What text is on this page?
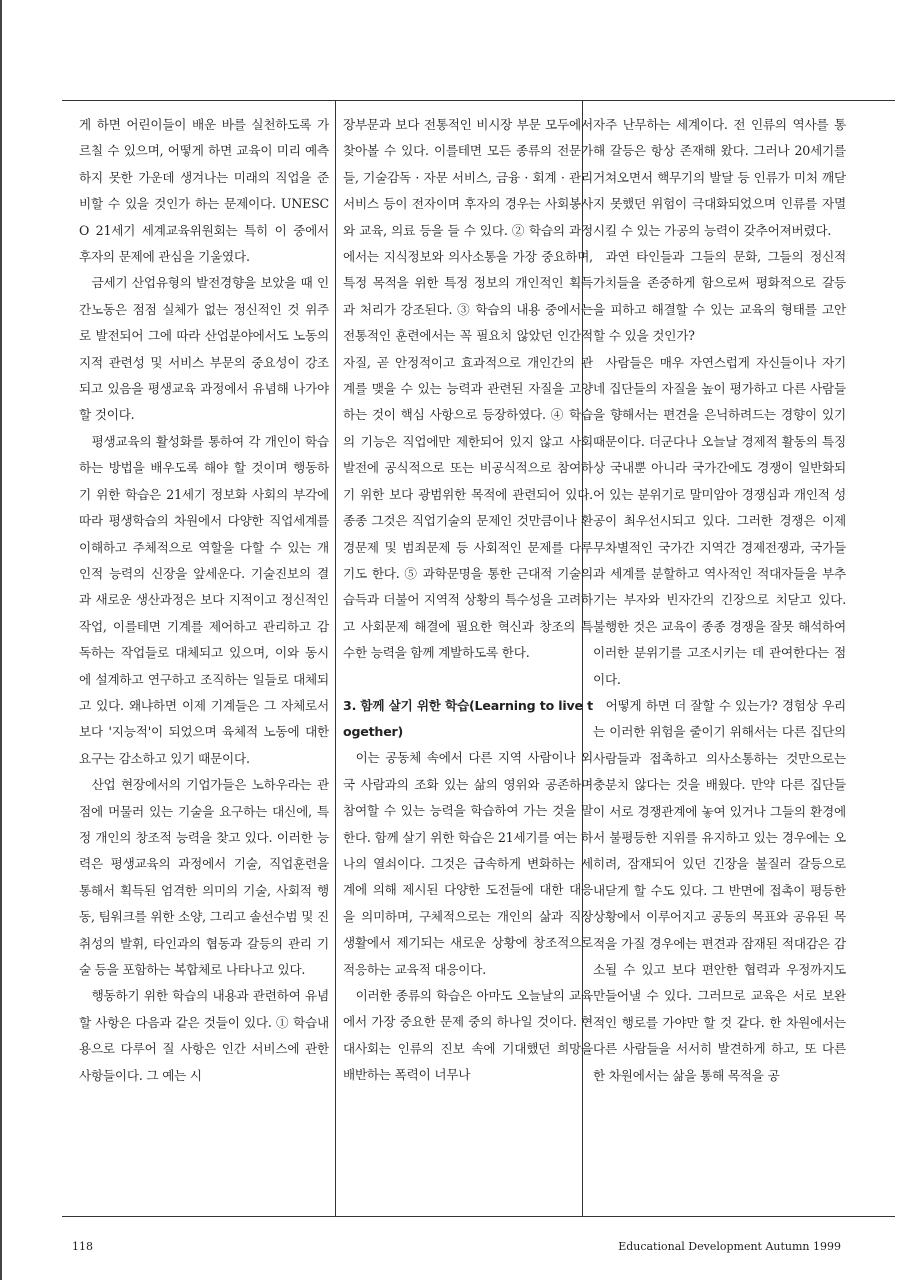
게 하면 어린이들이 배운 바를 실천하도록 가르칠 수 있으며, 어떻게 하면 교육이 미리 예측하지 못한 가운데 생겨나는 미래의 직업을 준비할 수 있을 것인가 하는 문제이다. UNESCO 21세기 세계교육위원회는 특히 이 중에서 후자의 문제에 관심을 기울였다.

금세기 산업유형의 발전경향을 보았을 때 인간노동은 점점 실체가 없는 정신적인 것 위주로 발전되어 그에 따라 산업분야에서도 노동의 지적 관련성 및 서비스 부문의 중요성이 강조되고 있음을 평생교육 과정에서 유념해 나가야 할 것이다.

평생교육의 활성화를 통하여 각 개인이 학습하는 방법을 배우도록 해야 할 것이며 행동하기 위한 학습은 21세기 정보화 사회의 부각에 따라 평생학습의 차원에서 다양한 직업세계를 이해하고 주체적으로 역할을 다할 수 있는 개인적 능력의 신장을 앞세운다. 기술진보의 결과 새로운 생산과정은 보다 지적이고 정신적인 작업, 이를테면 기계를 제어하고 관리하고 감독하는 작업들로 대체되고 있으며, 이와 동시에 설계하고 연구하고 조직하는 일들로 대체되고 있다. 왜냐하면 이제 기계들은 그 자체로서 보다 '지능적'이 되었으며 육체적 노동에 대한 요구는 감소하고 있기 때문이다.

산업 현장에서의 기업가들은 노하우라는 관점에 머물러 있는 기술을 요구하는 대신에, 특정 개인의 창조적 능력을 찾고 있다. 이러한 능력은 평생교육의 과정에서 기술, 직업훈련을 통해서 획득된 엄격한 의미의 기술, 사회적 행동, 팀워크를 위한 소양, 그리고 솔선수범 및 진취성의 발휘, 타인과의 협동과 갈등의 관리 기술 등을 포함하는 복합체로 나타나고 있다.

행동하기 위한 학습의 내용과 관련하여 유념할 사항은 다음과 같은 것들이 있다. ① 학습내용으로 다루어 질 사항은 인간 서비스에 관한 사항들이다. 그 예는 시

장부문과 보다 전통적인 비시장 부문 모두에서 찾아볼 수 있다. 이를테면 모든 종류의 전문가들, 기술감독 · 자문 서비스, 금융 · 회계 · 관리 서비스 등이 전자이며 후자의 경우는 사회봉사와 교육, 의료 등을 들 수 있다. ② 학습의 과정에서는 지식정보와 의사소통을 가장 중요하며, 특정 목적을 위한 특정 정보의 개인적인 획득과 처리가 강조된다. ③ 학습의 내용 중에서는 전통적인 훈련에서는 꼭 필요치 않았던 인간적 자질, 곧 안정적이고 효과적으로 개인간의 관계를 맺을 수 있는 능력과 관련된 자질을 고양하는 것이 핵심 사항으로 등장하였다. ④ 학습의 기능은 직업에만 제한되어 있지 않고 사회 발전에 공식적으로 또는 비공식적으로 참여하기 위한 보다 광범위한 목적에 관련되어 있다. 종종 그것은 직업기술의 문제인 것만큼이나 환경문제 및 범죄문제 등 사회적인 문제를 다루기도 한다. ⑤ 과학문명을 통한 근대적 기술의 습득과 더불어 지역적 상황의 특수성을 고려하고 사회문제 해결에 필요한 혁신과 창조의 특수한 능력을 함께 계발하도록 한다.

3. 함께 살기 위한 학습(Learning to live together)

이는 공동체 속에서 다른 지역 사람이나 외국 사람과의 조화 있는 삶의 영위와 공존하며 참여할 수 있는 능력을 학습하여 가는 것을 말한다. 함께 살기 위한 학습은 21세기를 여는 하나의 열쇠이다. 그것은 급속하게 변화하는 세계에 의해 제시된 다양한 도전들에 대한 대응을 의미하며, 구체적으로는 개인의 삶과 직장생활에서 제기되는 새로운 상황에 창조적으로 적응하는 교육적 대응이다.

이러한 종류의 학습은 아마도 오늘날의 교육에서 가장 중요한 문제 중의 하나일 것이다. 현대사회는 인류의 진보 속에 기대했던 희망을 배반하는 폭력이 너무나

자주 난무하는 세계이다. 전 인류의 역사를 통해 갈등은 항상 존재해 왔다. 그러나 20세기를 거쳐오면서 핵무기의 발달 등 인류가 미처 깨닫지 못했던 위험이 극대화되었으며 인류를 자멸시킬 수 있는 가공의 능력이 갖추어져버렸다.

과연 타인들과 그들의 문화, 그들의 정신적 가치들을 존중하게 함으로써 평화적으로 갈등을 피하고 해결할 수 있는 교육의 형태를 고안할 수 있을 것인가?

사람들은 매우 자연스럽게 자신들이나 자기네 집단들의 자질을 높이 평가하고 다른 사람들을 향해서는 편견을 은닉하려드는 경향이 있기 때문이다. 더군다나 오늘날 경제적 활동의 특징상 국내뿐 아니라 국가간에도 경쟁이 일반화되어 있는 분위기로 말미암아 경쟁심과 개인적 성공이 최우선시되고 있다. 그러한 경쟁은 이제 무차별적인 국가간 지역간 경제전쟁과, 국가들과 세계를 분할하고 역사적인 적대자들을 부추기는 부자와 빈자간의 긴장으로 치닫고 있다. 불행한 것은 교육이 종종 경쟁을 잘못 해석하여 이러한 분위기를 고조시키는 데 관여한다는 점이다.

어떻게 하면 더 잘할 수 있는가? 경험상 우리는 이러한 위험을 줄이기 위해서는 다른 집단의 사람들과 접촉하고 의사소통하는 것만으로는 충분치 않다는 것을 배웠다. 만약 다른 집단들이 서로 경쟁관계에 놓여 있거나 그들의 환경에서 불평등한 지위를 유지하고 있는 경우에는 오히려, 잠재되어 있던 긴장을 불질러 갈등으로 내닫게 할 수도 있다. 그 반면에 접촉이 평등한 상황에서 이루어지고 공동의 목표와 공유된 목적을 가질 경우에는 편견과 잠재된 적대감은 감소될 수 있고 보다 편안한 협력과 우정까지도 만들어낼 수 있다. 그러므로 교육은 서로 보완적인 행로를 가야만 할 것 같다. 한 차원에서는 다른 사람들을 서서히 발견하게 하고, 또 다른 한 차원에서는 삶을 통해 목적을 공

118	Educational Development Autumn 1999
